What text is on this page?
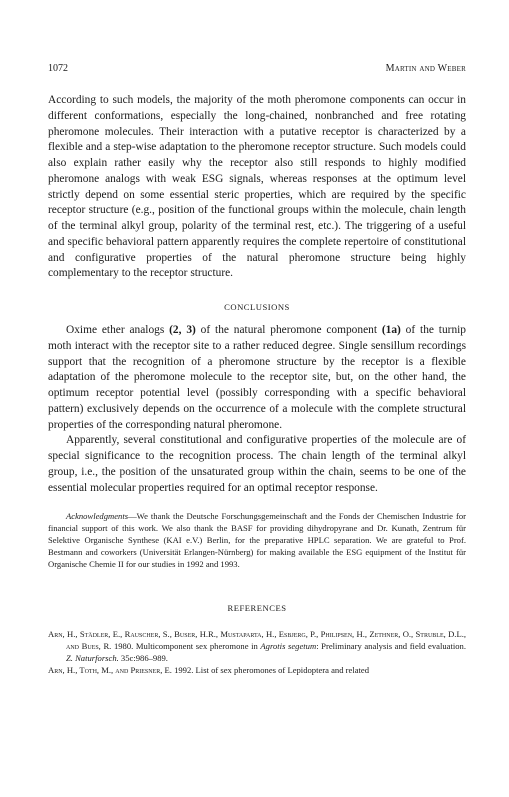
1072	Martin and Weber

According to such models, the majority of the moth pheromone components can occur in different conformations, especially the long-chained, nonbranched and free rotating pheromone molecules. Their interaction with a putative receptor is characterized by a flexible and a step-wise adaptation to the pheromone receptor structure. Such models could also explain rather easily why the receptor also still responds to highly modified pheromone analogs with weak ESG signals, whereas responses at the optimum level strictly depend on some essential steric properties, which are required by the specific receptor structure (e.g., position of the functional groups within the molecule, chain length of the terminal alkyl group, polarity of the terminal rest, etc.). The triggering of a useful and specific behavioral pattern apparently requires the complete repertoire of constitutional and configurative properties of the natural pheromone structure being highly complementary to the receptor structure.

CONCLUSIONS

Oxime ether analogs (2, 3) of the natural pheromone component (1a) of the turnip moth interact with the receptor site to a rather reduced degree. Single sensillum recordings support that the recognition of a pheromone structure by the receptor is a flexible adaptation of the pheromone molecule to the receptor site, but, on the other hand, the optimum receptor potential level (possibly corresponding with a specific behavioral pattern) exclusively depends on the occurrence of a molecule with the complete structural properties of the corresponding natural pheromone.

Apparently, several constitutional and configurative properties of the molecule are of special significance to the recognition process. The chain length of the terminal alkyl group, i.e., the position of the unsaturated group within the chain, seems to be one of the essential molecular properties required for an optimal receptor response.

Acknowledgments—We thank the Deutsche Forschungsgemeinschaft and the Fonds der Chemischen Industrie for financial support of this work. We also thank the BASF for providing dihydropyrane and Dr. Kunath, Zentrum für Selektive Organische Synthese (KAI e.V.) Berlin, for the preparative HPLC separation. We are grateful to Prof. Bestmann and coworkers (Universität Erlangen-Nürnberg) for making available the ESG equipment of the Institut für Organische Chemie II for our studies in 1992 and 1993.

REFERENCES

Arn, H., Städler, E., Rauscher, S., Buser, H.R., Mustaparta, H., Esbjerg, P., Philipsen, H., Zethner, O., Struble, D.L., and Bues, R. 1980. Multicomponent sex pheromone in Agrotis segetum: Preliminary analysis and field evaluation. Z. Naturforsch. 35c:986–989.

Arn, H., Toth, M., and Priesner, E. 1992. List of sex pheromones of Lepidoptera and related
